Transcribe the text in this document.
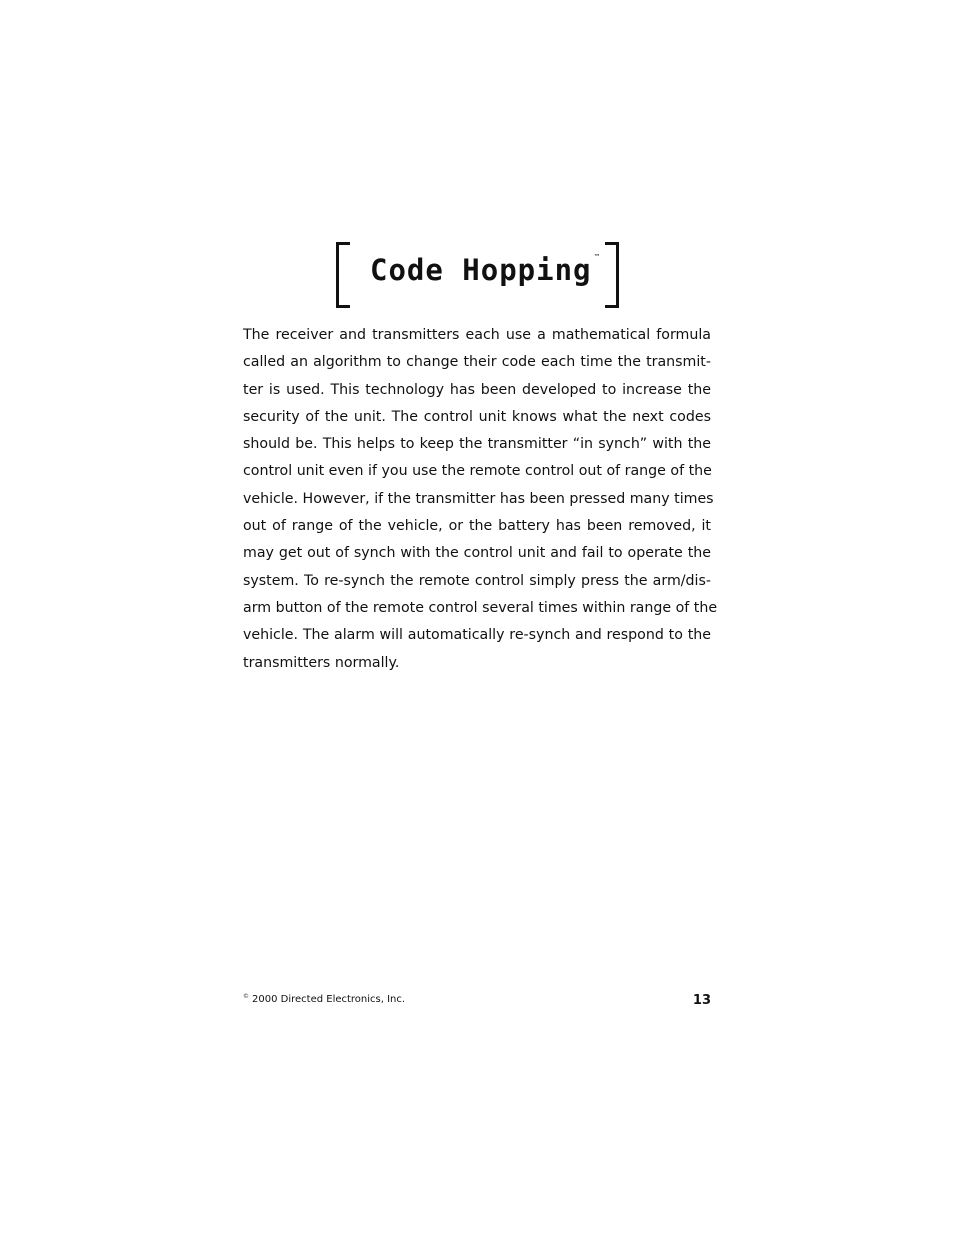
Code Hopping ™
The receiver and transmitters each use a mathematical formula
called an algorithm to change their code each time the transmit-
ter is used. This technology has been developed to increase the
security of the unit. The control unit knows what the next codes
should be. This helps to keep the transmitter “in synch” with the
control unit even if you use the remote control out of range of the
vehicle. However, if the transmitter has been pressed many times
out of range of the vehicle, or the battery has been removed, it
may get out of synch with the control unit and fail to operate the
system. To re-synch the remote control simply press the arm/dis-
arm button of the remote control several times within range of the
vehicle. The alarm will automatically re-synch and respond to the
transmitters normally.
© 2000 Directed Electronics, Inc.	13
